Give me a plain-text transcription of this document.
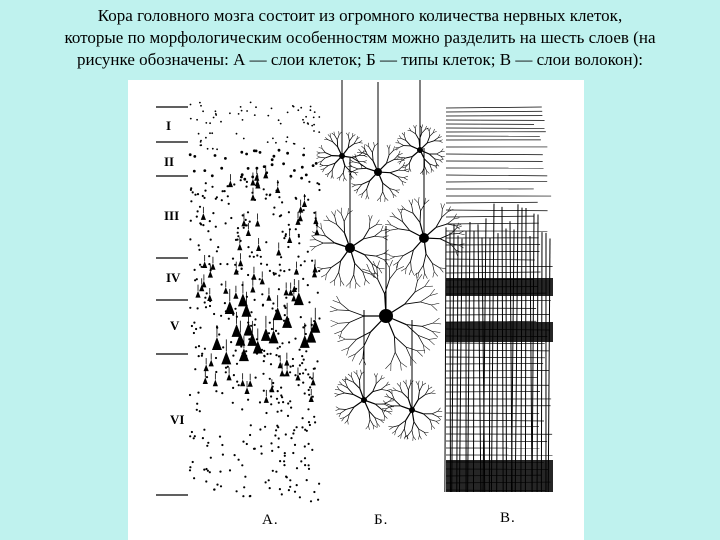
Кора головного мозга состоит из огромного количества нервных клеток,
которые по морфологическим особенностям можно разделить на шесть слоев (на
рисунке обозначены: А — слои клеток; Б — типы клеток; В — слои волокон):
I
II
III
IV
V
VI
А.	Б.	В.
